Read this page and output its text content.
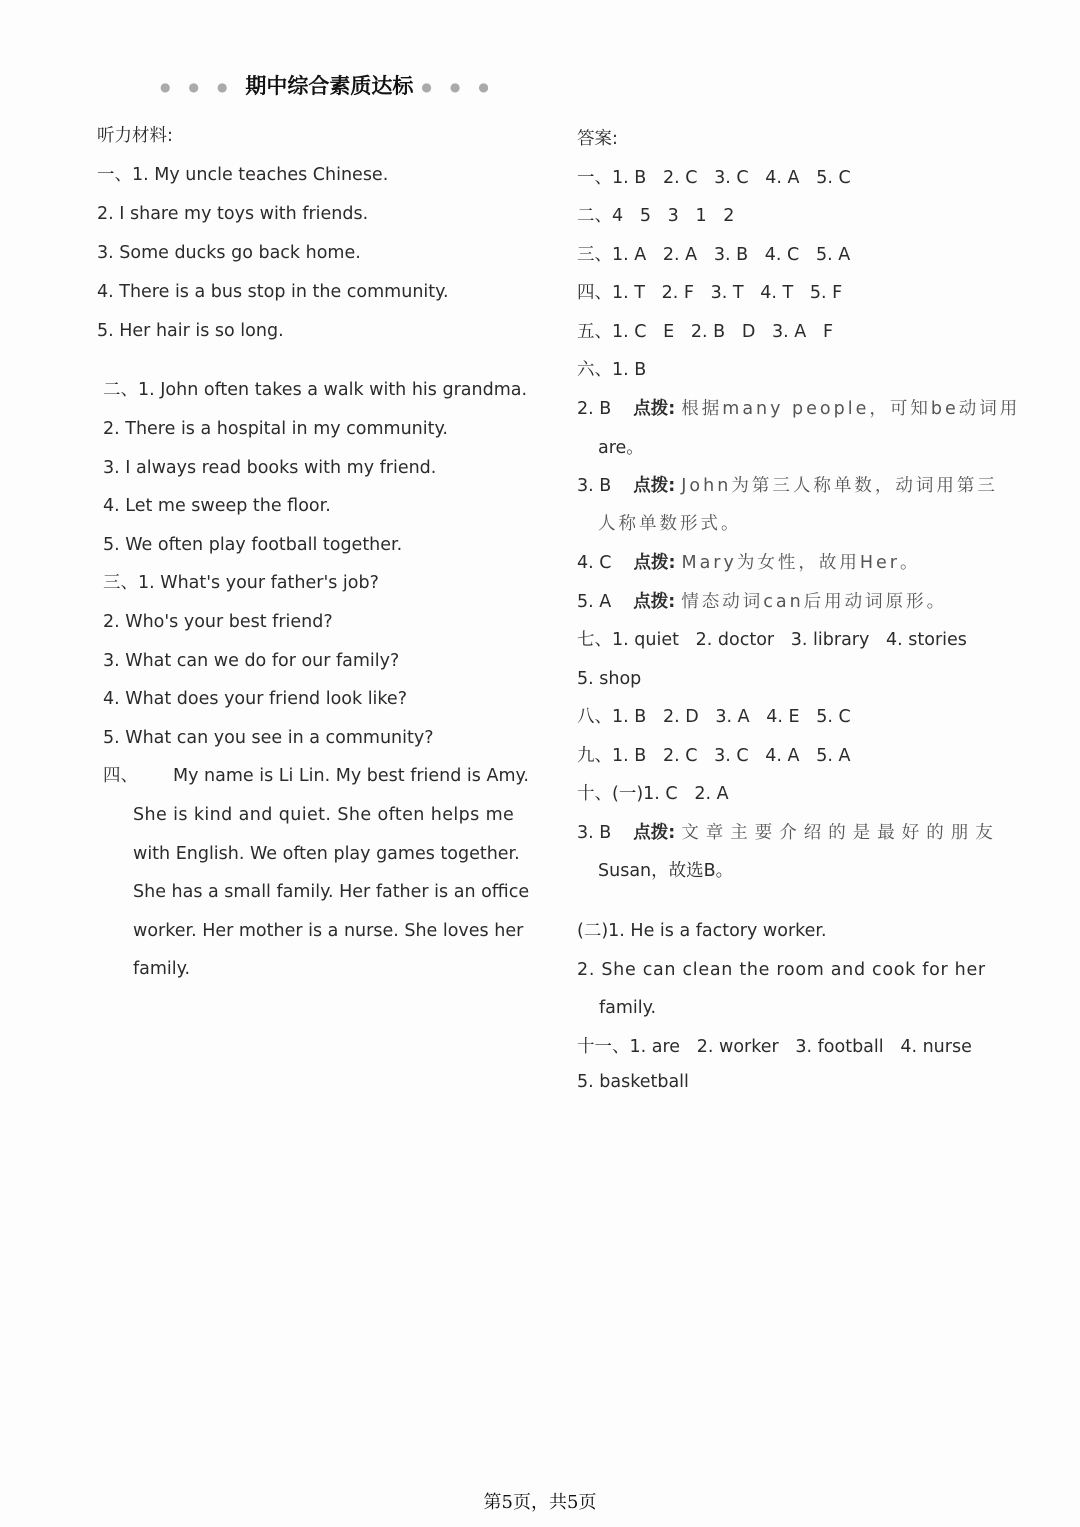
●●●期中综合素质达标 ●●●
听力材料:
一、1. My uncle teaches Chinese.
2. I share my toys with friends.
3. Some ducks go back home.
4. There is a bus stop in the community.
5. Her hair is so long.
二、1. John often takes a walk with his grandma.
2. There is a hospital in my community.
3. I always read books with my friend.
4. Let me sweep the floor.
5. We often play football together.
三、1. What's your father's job?
2. Who's your best friend?
3. What can we do for our family?
4. What does your friend look like?
5. What can you see in a community?
四、 My name is Li Lin. My best friend is Amy.
She is kind and quiet. She often helps me
with English. We often play games together.
She has a small family. Her father is an office
worker. Her mother is a nurse. She loves her
family.
答案:
一、1. B   2. C   3. C   4. A   5. C
二、4   5   3   1   2
三、1. A   2. A   3. B   4. C   5. A
四、1. T   2. F   3. T   4. T   5. F
五、1. C   E   2. B   D   3. A   F
六、1. B
2. B 点拨: 根据many people，可知be动词用
are。
3. B 点拨: John为第三人称单数，动词用第三
人称单数形式。
4. C 点拨: Mary为女性，故用Her。
5. A 点拨: 情态动词can后用动词原形。
七、1. quiet   2. doctor   3. library   4. stories
5. shop
八、1. B   2. D   3. A   4. E   5. C
九、1. B   2. C   3. C   4. A   5. A
十、(一)1. C   2. A
3. B 点拨: 文章主要介绍的是最好的朋友
Susan，故选B。
(二)1. He is a factory worker.
2. She can clean the room and cook for her
family.
十一、1. are   2. worker   3. football   4. nurse
5. basketball
第5页，共5页
